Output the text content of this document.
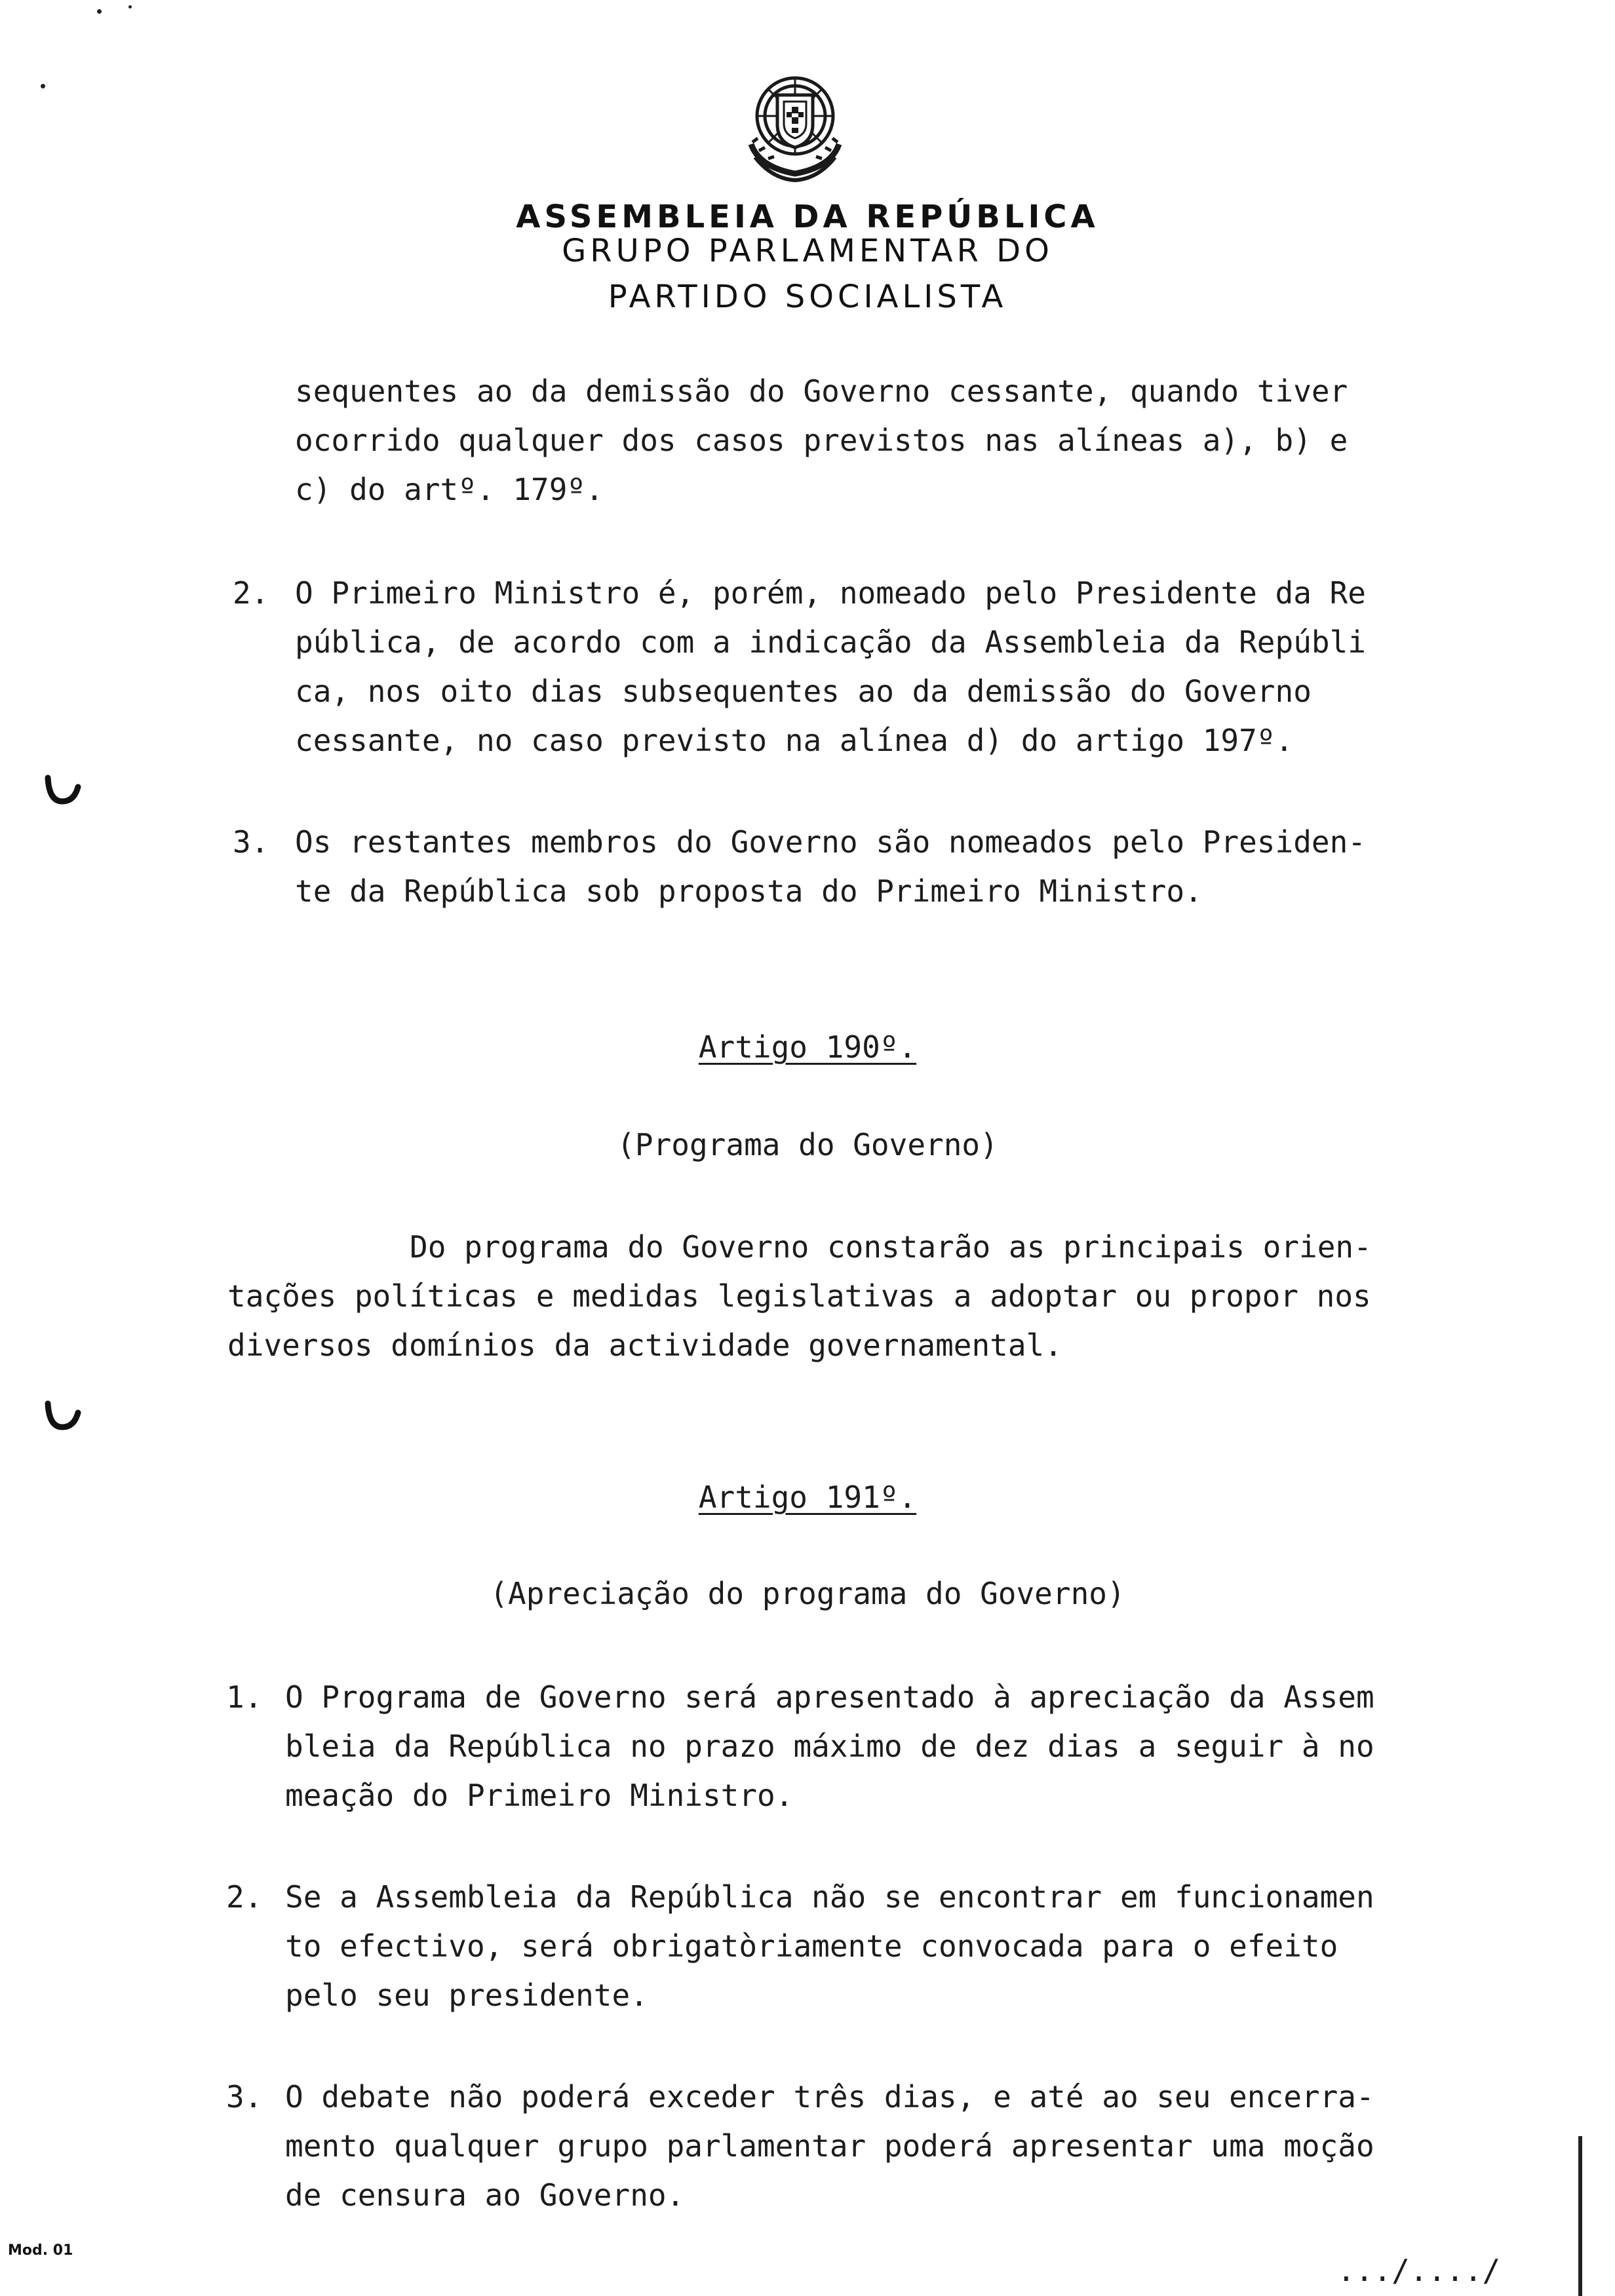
ASSEMBLEIA DA REPÚBLICA
GRUPO PARLAMENTAR DO
PARTIDO SOCIALISTA
sequentes ao da demissão do Governo cessante, quando tiver
ocorrido qualquer dos casos previstos nas alíneas a), b) e
c) do artº. 179º.
2. O Primeiro Ministro é, porém, nomeado pelo Presidente da Re
pública, de acordo com a indicação da Assembleia da Repúbli
ca, nos oito dias subsequentes ao da demissão do Governo
cessante, no caso previsto na alínea d) do artigo 197º.
3. Os restantes membros do Governo são nomeados pelo Presiden-
te da República sob proposta do Primeiro Ministro.
Artigo 190º.
(Programa do Governo)
Do programa do Governo constarão as principais orien-
tações políticas e medidas legislativas a adoptar ou propor nos
diversos domínios da actividade governamental.
Artigo 191º.
(Apreciação do programa do Governo)
1. O Programa de Governo será apresentado à apreciação da Assem
bleia da República no prazo máximo de dez dias a seguir à no
meação do Primeiro Ministro.
2. Se a Assembleia da República não se encontrar em funcionamen
to efectivo, será obrigatòriamente convocada para o efeito
pelo seu presidente.
3. O debate não poderá exceder três dias, e até ao seu encerra-
mento qualquer grupo parlamentar poderá apresentar uma moção
de censura ao Governo.
Mod. 01
.../..../
